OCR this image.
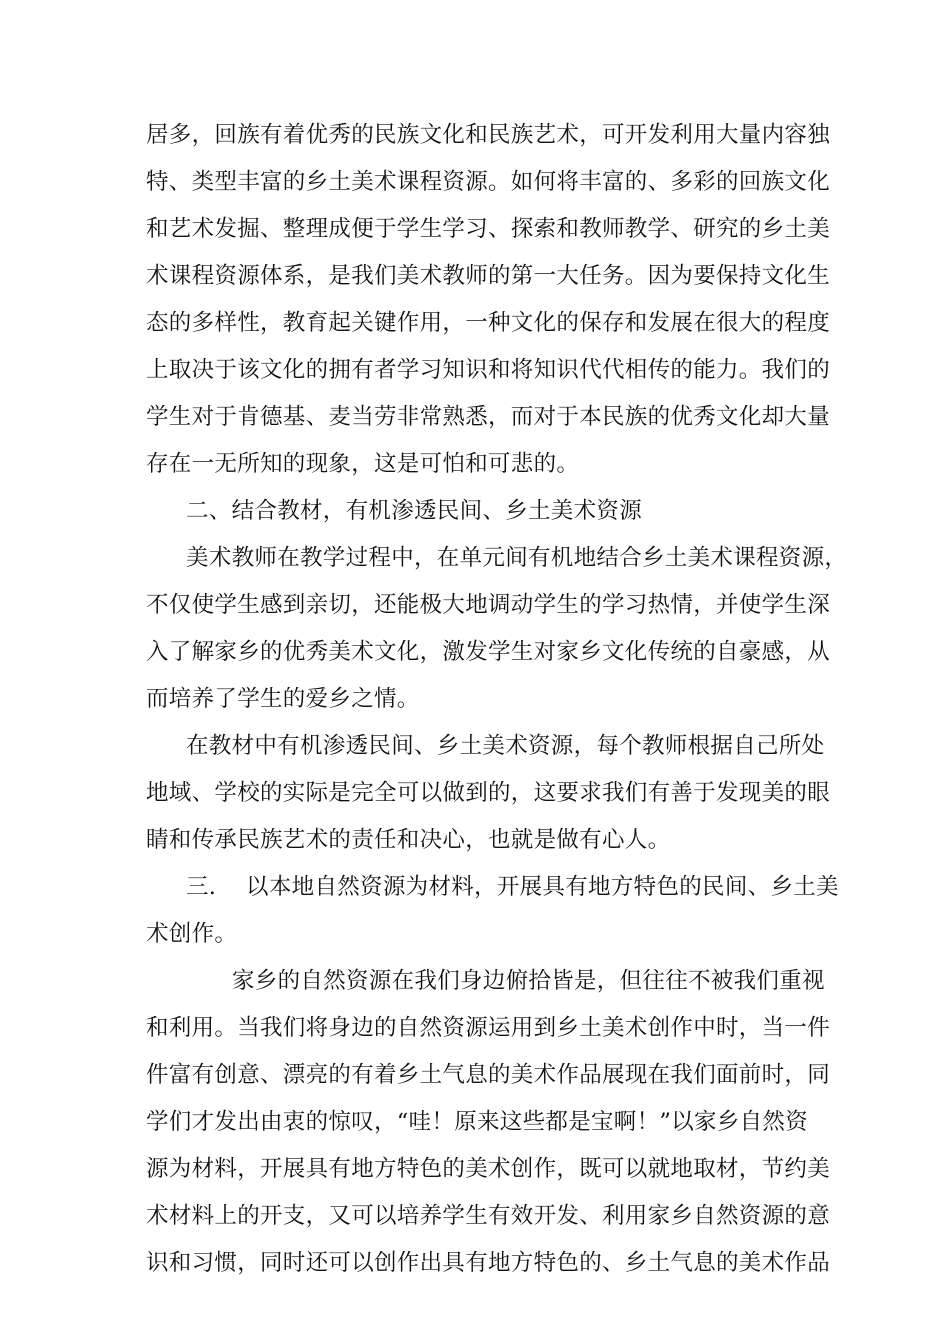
居多，回族有着优秀的民族文化和民族艺术，可开发利用大量内容独
特、类型丰富的乡土美术课程资源。如何将丰富的、多彩的回族文化
和艺术发掘、整理成便于学生学习、探索和教师教学、研究的乡土美
术课程资源体系，是我们美术教师的第一大任务。因为要保持文化生
态的多样性，教育起关键作用，一种文化的保存和发展在很大的程度
上取决于该文化的拥有者学习知识和将知识代代相传的能力。我们的
学生对于肯德基、麦当劳非常熟悉，而对于本民族的优秀文化却大量
存在一无所知的现象，这是可怕和可悲的。
二、结合教材，有机渗透民间、乡土美术资源
美术教师在教学过程中，在单元间有机地结合乡土美术课程资源，
不仅使学生感到亲切，还能极大地调动学生的学习热情，并使学生深
入了解家乡的优秀美术文化，激发学生对家乡文化传统的自豪感，从
而培养了学生的爱乡之情。
在教材中有机渗透民间、乡土美术资源，每个教师根据自己所处
地域、学校的实际是完全可以做到的，这要求我们有善于发现美的眼
睛和传承民族艺术的责任和决心，也就是做有心人。
三.    以本地自然资源为材料，开展具有地方特色的民间、乡土美
术创作。
家乡的自然资源在我们身边俯拾皆是，但往往不被我们重视
和利用。当我们将身边的自然资源运用到乡土美术创作中时，当一件
件富有创意、漂亮的有着乡土气息的美术作品展现在我们面前时，同
学们才发出由衷的惊叹，“哇！原来这些都是宝啊！”以家乡自然资
源为材料，开展具有地方特色的美术创作，既可以就地取材，节约美
术材料上的开支，又可以培养学生有效开发、利用家乡自然资源的意
识和习惯，同时还可以创作出具有地方特色的、乡土气息的美术作品
